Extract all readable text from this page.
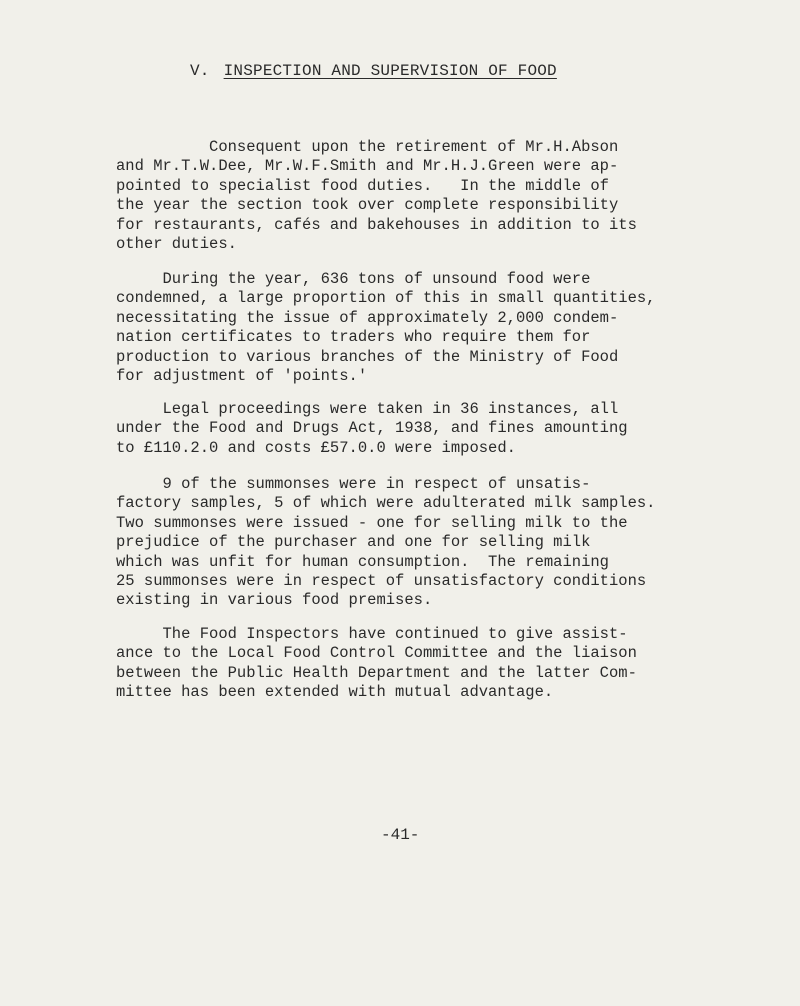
V. INSPECTION AND SUPERVISION OF FOOD
Consequent upon the retirement of Mr.H.Abson
and Mr.T.W.Dee, Mr.W.F.Smith and Mr.H.J.Green were ap-
pointed to specialist food duties.   In the middle of
the year the section took over complete responsibility
for restaurants, cafés and bakehouses in addition to its
other duties.
During the year, 636 tons of unsound food were
condemned, a large proportion of this in small quantities,
necessitating the issue of approximately 2,000 condem-
nation certificates to traders who require them for
production to various branches of the Ministry of Food
for adjustment of 'points.'
Legal proceedings were taken in 36 instances, all
under the Food and Drugs Act, 1938, and fines amounting
to £110.2.0 and costs £57.0.0 were imposed.
9 of the summonses were in respect of unsatis-
factory samples, 5 of which were adulterated milk samples.
Two summonses were issued - one for selling milk to the
prejudice of the purchaser and one for selling milk
which was unfit for human consumption.  The remaining
25 summonses were in respect of unsatisfactory conditions
existing in various food premises.
The Food Inspectors have continued to give assist-
ance to the Local Food Control Committee and the liaison
between the Public Health Department and the latter Com-
mittee has been extended with mutual advantage.
-41-
